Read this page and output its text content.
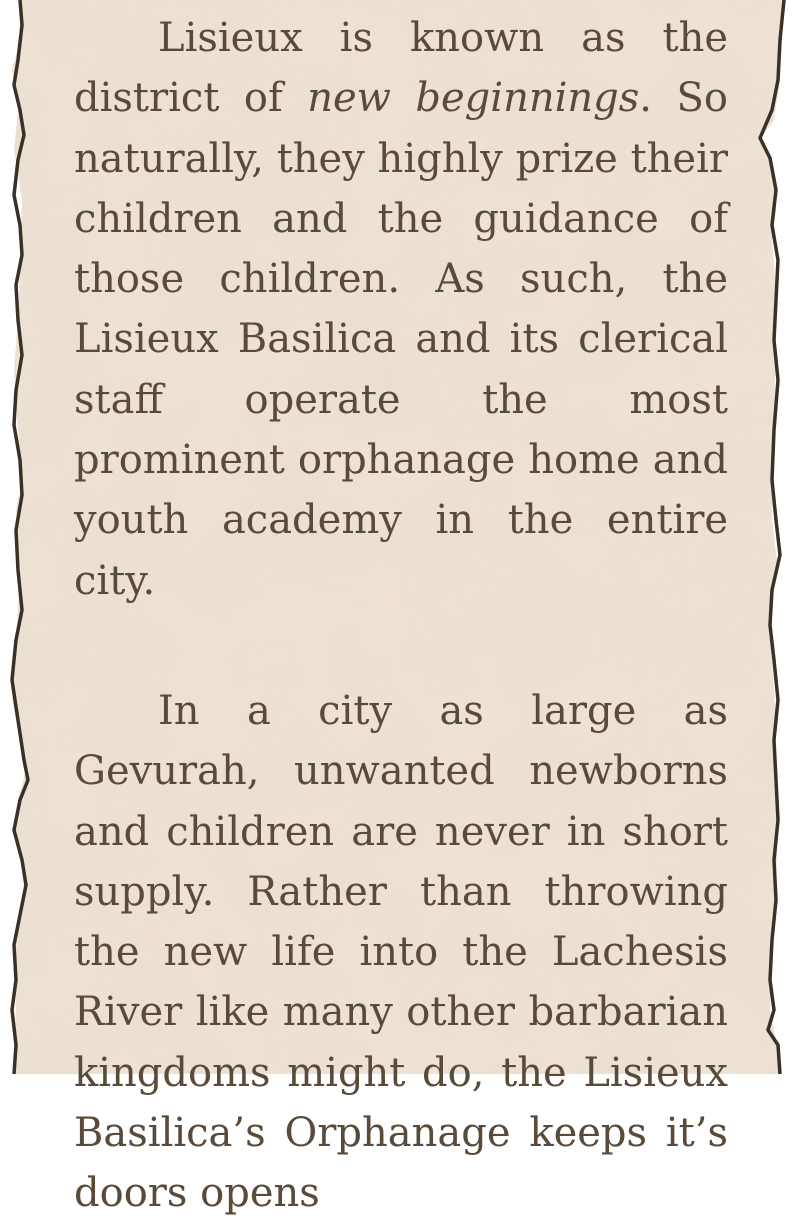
Lisieux is known as the district of new beginnings. So naturally, they highly prize their children and the guidance of those children. As such, the Lisieux Basilica and its clerical staff operate the most prominent orphanage home and youth academy in the entire city.

In a city as large as Gevurah, unwanted newborns and children are never in short supply. Rather than throwing the new life into the Lachesis River like many other barbarian kingdoms might do, the Lisieux Basilica’s Orphanage keeps it’s doors opens
